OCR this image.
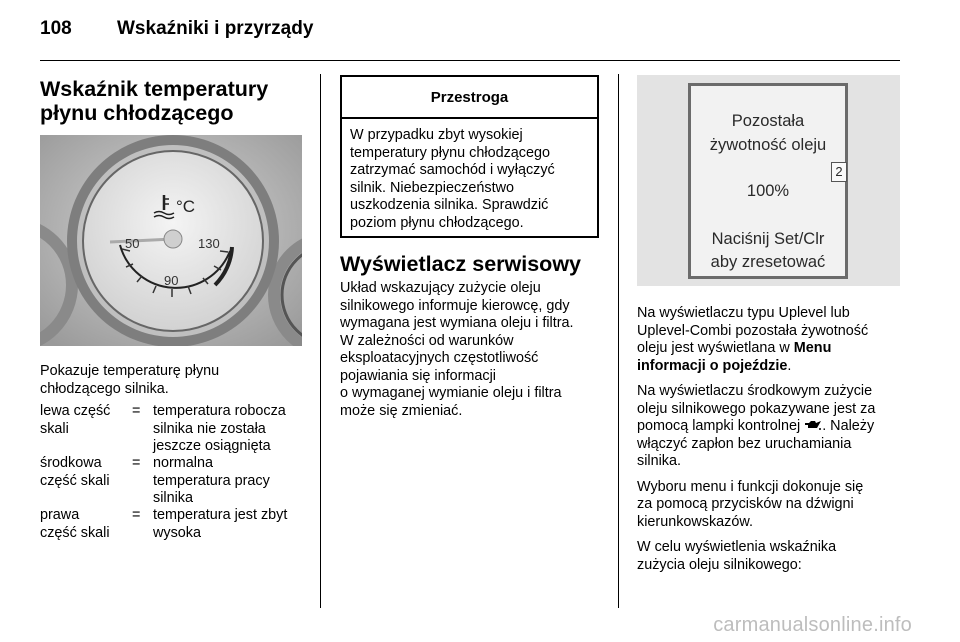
108 Wskaźniki i przyrządy
Wskaźnik temperatury
płynu chłodzącego
°C
50	130
90
Pokazuje temperaturę płynu
chłodzącego silnika.
lewa część
skali
= temperatura robocza
silnika nie została
jeszcze osiągnięta
środkowa
część skali
= normalna
temperatura pracy
silnika
prawa
część skali
= temperatura jest zbyt
wysoka
Przestroga
W przypadku zbyt wysokiej
temperatury płynu chłodzącego
zatrzymać samochód i wyłączyć
silnik. Niebezpieczeństwo
uszkodzenia silnika. Sprawdzić
poziom płynu chłodzącego.
Wyświetlacz serwisowy
Układ wskazujący zużycie oleju
silnikowego informuje kierowcę, gdy
wymagana jest wymiana oleju i filtra.
W zależności od warunków
eksploatacyjnych częstotliwość
pojawiania się informacji
o wymaganej wymianie oleju i filtra
może się zmieniać.
Pozostała
żywotność oleju
2
100%
Naciśnij Set/Clr
aby zresetować

Na wyświetlaczu typu Uplevel lub
Uplevel-Combi pozostała żywotność
oleju jest wyświetlana w Menu
informacji o pojeździe.

Na wyświetlaczu środkowym zużycie
oleju silnikowego pokazywane jest za
pomocą lampki kontrolnej . Należy
włączyć zapłon bez uruchamiania
silnika.

Wyboru menu i funkcji dokonuje się
za pomocą przycisków na dźwigni
kierunkowskazów.

W celu wyświetlenia wskaźnika
zużycia oleju silnikowego:

carmanualsonline.info
